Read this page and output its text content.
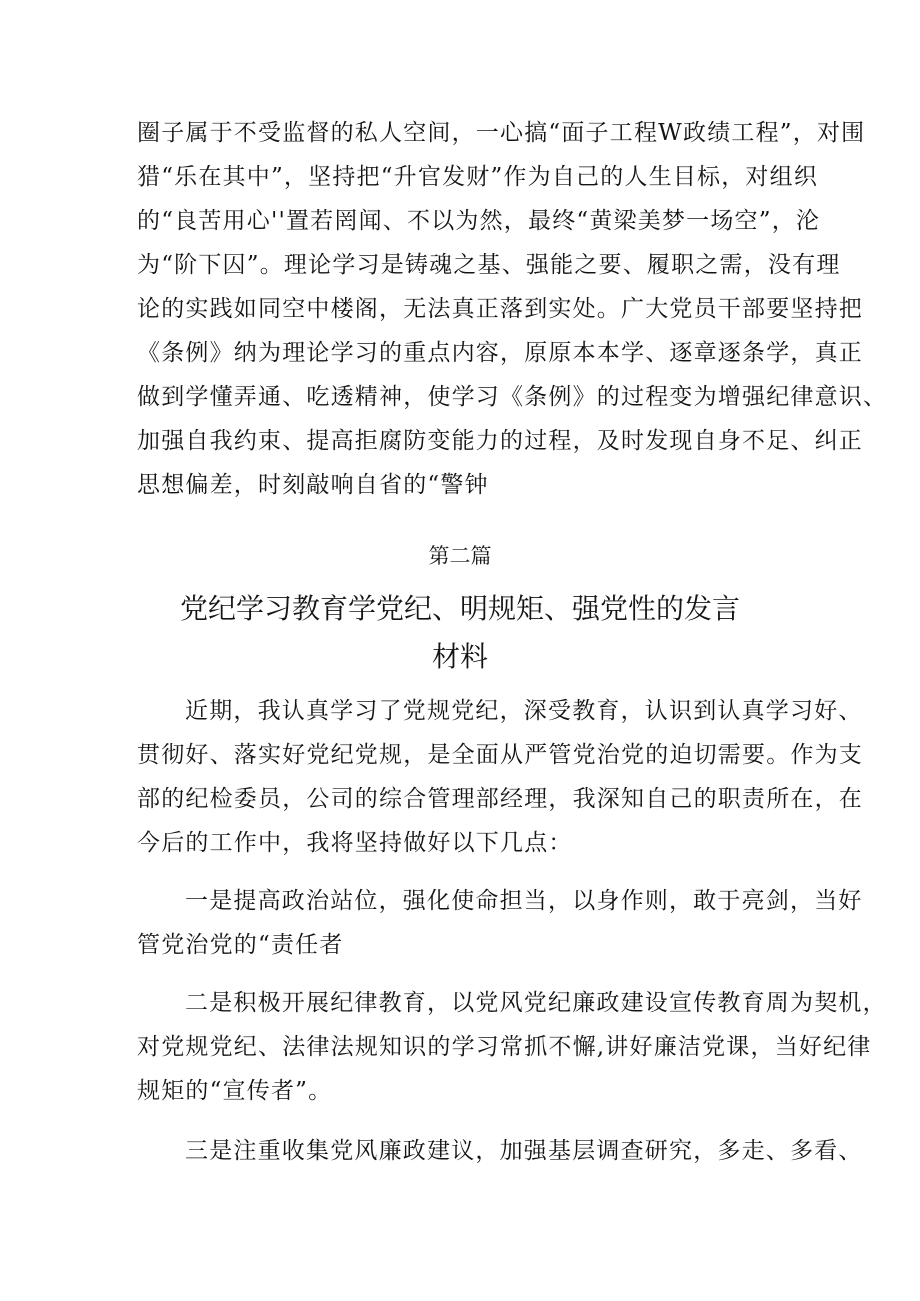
圈子属于不受监督的私人空间，一心搞“面子工程W政绩工程”，对围
猎“乐在其中”，坚持把“升官发财”作为自己的人生目标，对组织
的“良苦用心''置若罔闻、不以为然，最终“黄梁美梦一场空”，沦
为“阶下囚”。理论学习是铸魂之基、强能之要、履职之需，没有理
论的实践如同空中楼阁，无法真正落到实处。广大党员干部要坚持把
《条例》纳为理论学习的重点内容，原原本本学、逐章逐条学，真正
做到学懂弄通、吃透精神，使学习《条例》的过程变为增强纪律意识、
加强自我约束、提高拒腐防变能力的过程，及时发现自身不足、纠正
思想偏差，时刻敲响自省的“警钟
第二篇
党纪学习教育学党纪、明规矩、强党性的发言
材料
近期，我认真学习了党规党纪，深受教育，认识到认真学习好、
贯彻好、落实好党纪党规，是全面从严管党治党的迫切需要。作为支
部的纪检委员，公司的综合管理部经理，我深知自己的职责所在，在
今后的工作中，我将坚持做好以下几点：
一是提高政治站位，强化使命担当，以身作则，敢于亮剑，当好
管党治党的“责任者
二是积极开展纪律教育，以党风党纪廉政建设宣传教育周为契机，
对党规党纪、法律法规知识的学习常抓不懈,讲好廉洁党课，当好纪律
规矩的“宣传者”。
三是注重收集党风廉政建议，加强基层调查研究，多走、多看、
